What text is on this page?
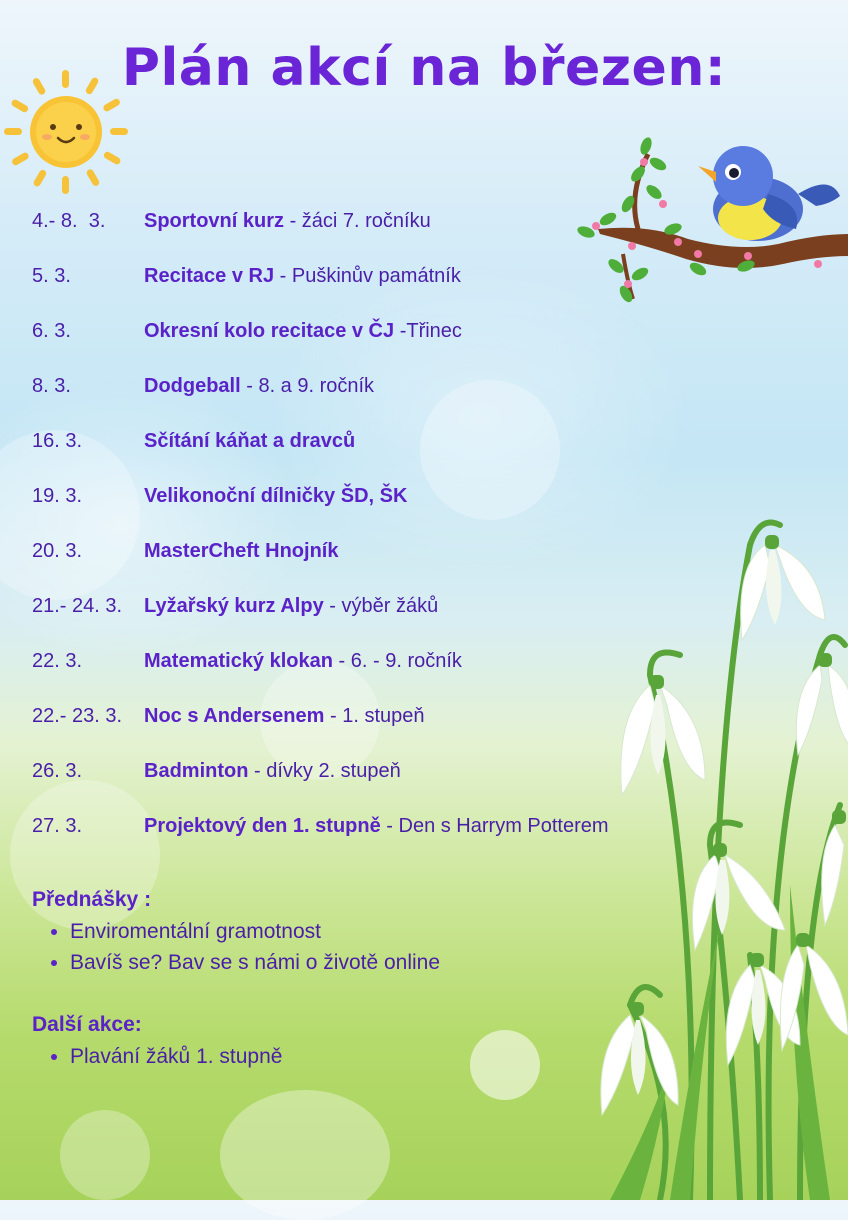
Plán akcí na březen:
4.- 8.  3. Sportovní kurz - žáci 7. ročníku
5. 3.	Recitace v RJ - Puškinův památník
6. 3.	Okresní kolo recitace v ČJ -Třinec
8. 3.	Dodgeball - 8. a 9. ročník
16. 3.	Sčítání káňat a dravců
19. 3.	Velikonoční dílničky ŠD, ŠK
20. 3.	MasterCheft Hnojník
21.- 24. 3. Lyžařský kurz Alpy - výběr žáků
22. 3.	Matematický klokan - 6. - 9. ročník
22.- 23. 3. Noc s Andersenem - 1. stupeň
26. 3.	Badminton - dívky 2. stupeň
27. 3.	Projektový den 1. stupně - Den s Harrym Potterem
Přednášky :
• Enviromentální gramotnost
• Bavíš se? Bav se s námi o životě online
Další akce:
• Plavání žáků 1. stupně
